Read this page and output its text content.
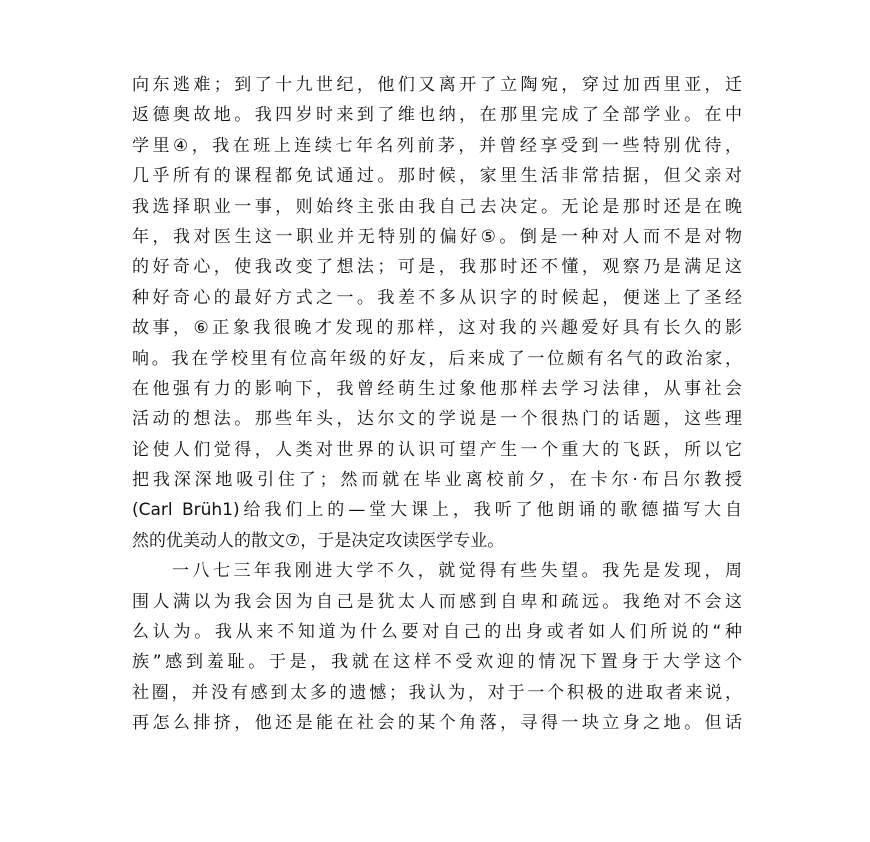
向东逃难；到了十九世纪，他们又离开了立陶宛，穿过加西里亚，迁
返德奥故地。我四岁时来到了维也纳，在那里完成了全部学业。在中
学里④，我在班上连续七年名列前茅，并曾经享受到一些特别优待，
几乎所有的课程都免试通过。那时候，家里生活非常拮据，但父亲对
我选择职业一事，则始终主张由我自己去决定。无论是那时还是在晚
年，我对医生这一职业并无特别的偏好⑤。倒是一种对人而不是对物
的好奇心，使我改变了想法；可是，我那时还不懂，观察乃是满足这
种好奇心的最好方式之一。我差不多从识字的时候起，便迷上了圣经
故事，⑥正象我很晚才发现的那样，这对我的兴趣爱好具有长久的影
响。我在学校里有位高年级的好友，后来成了一位颇有名气的政治家，
在他强有力的影响下，我曾经萌生过象他那样去学习法律，从事社会
活动的想法。那些年头，达尔文的学说是一个很热门的话题，这些理
论使人们觉得，人类对世界的认识可望产生一个重大的飞跃，所以它
把我深深地吸引住了；然而就在毕业离校前夕，在卡尔·布吕尔教授
(Carl Brüh1)给我们上的—堂大课上，我听了他朗诵的歌德描写大自
然的优美动人的散文⑦，于是决定攻读医学专业。
一八七三年我刚进大学不久，就觉得有些失望。我先是发现，周
围人满以为我会因为自己是犹太人而感到自卑和疏远。我绝对不会这
么认为。我从来不知道为什么要对自己的出身或者如人们所说的“种
族”感到羞耻。于是，我就在这样不受欢迎的情况下置身于大学这个
社圈，并没有感到太多的遗憾；我认为，对于一个积极的进取者来说，
再怎么排挤，他还是能在社会的某个角落，寻得一块立身之地。但话
